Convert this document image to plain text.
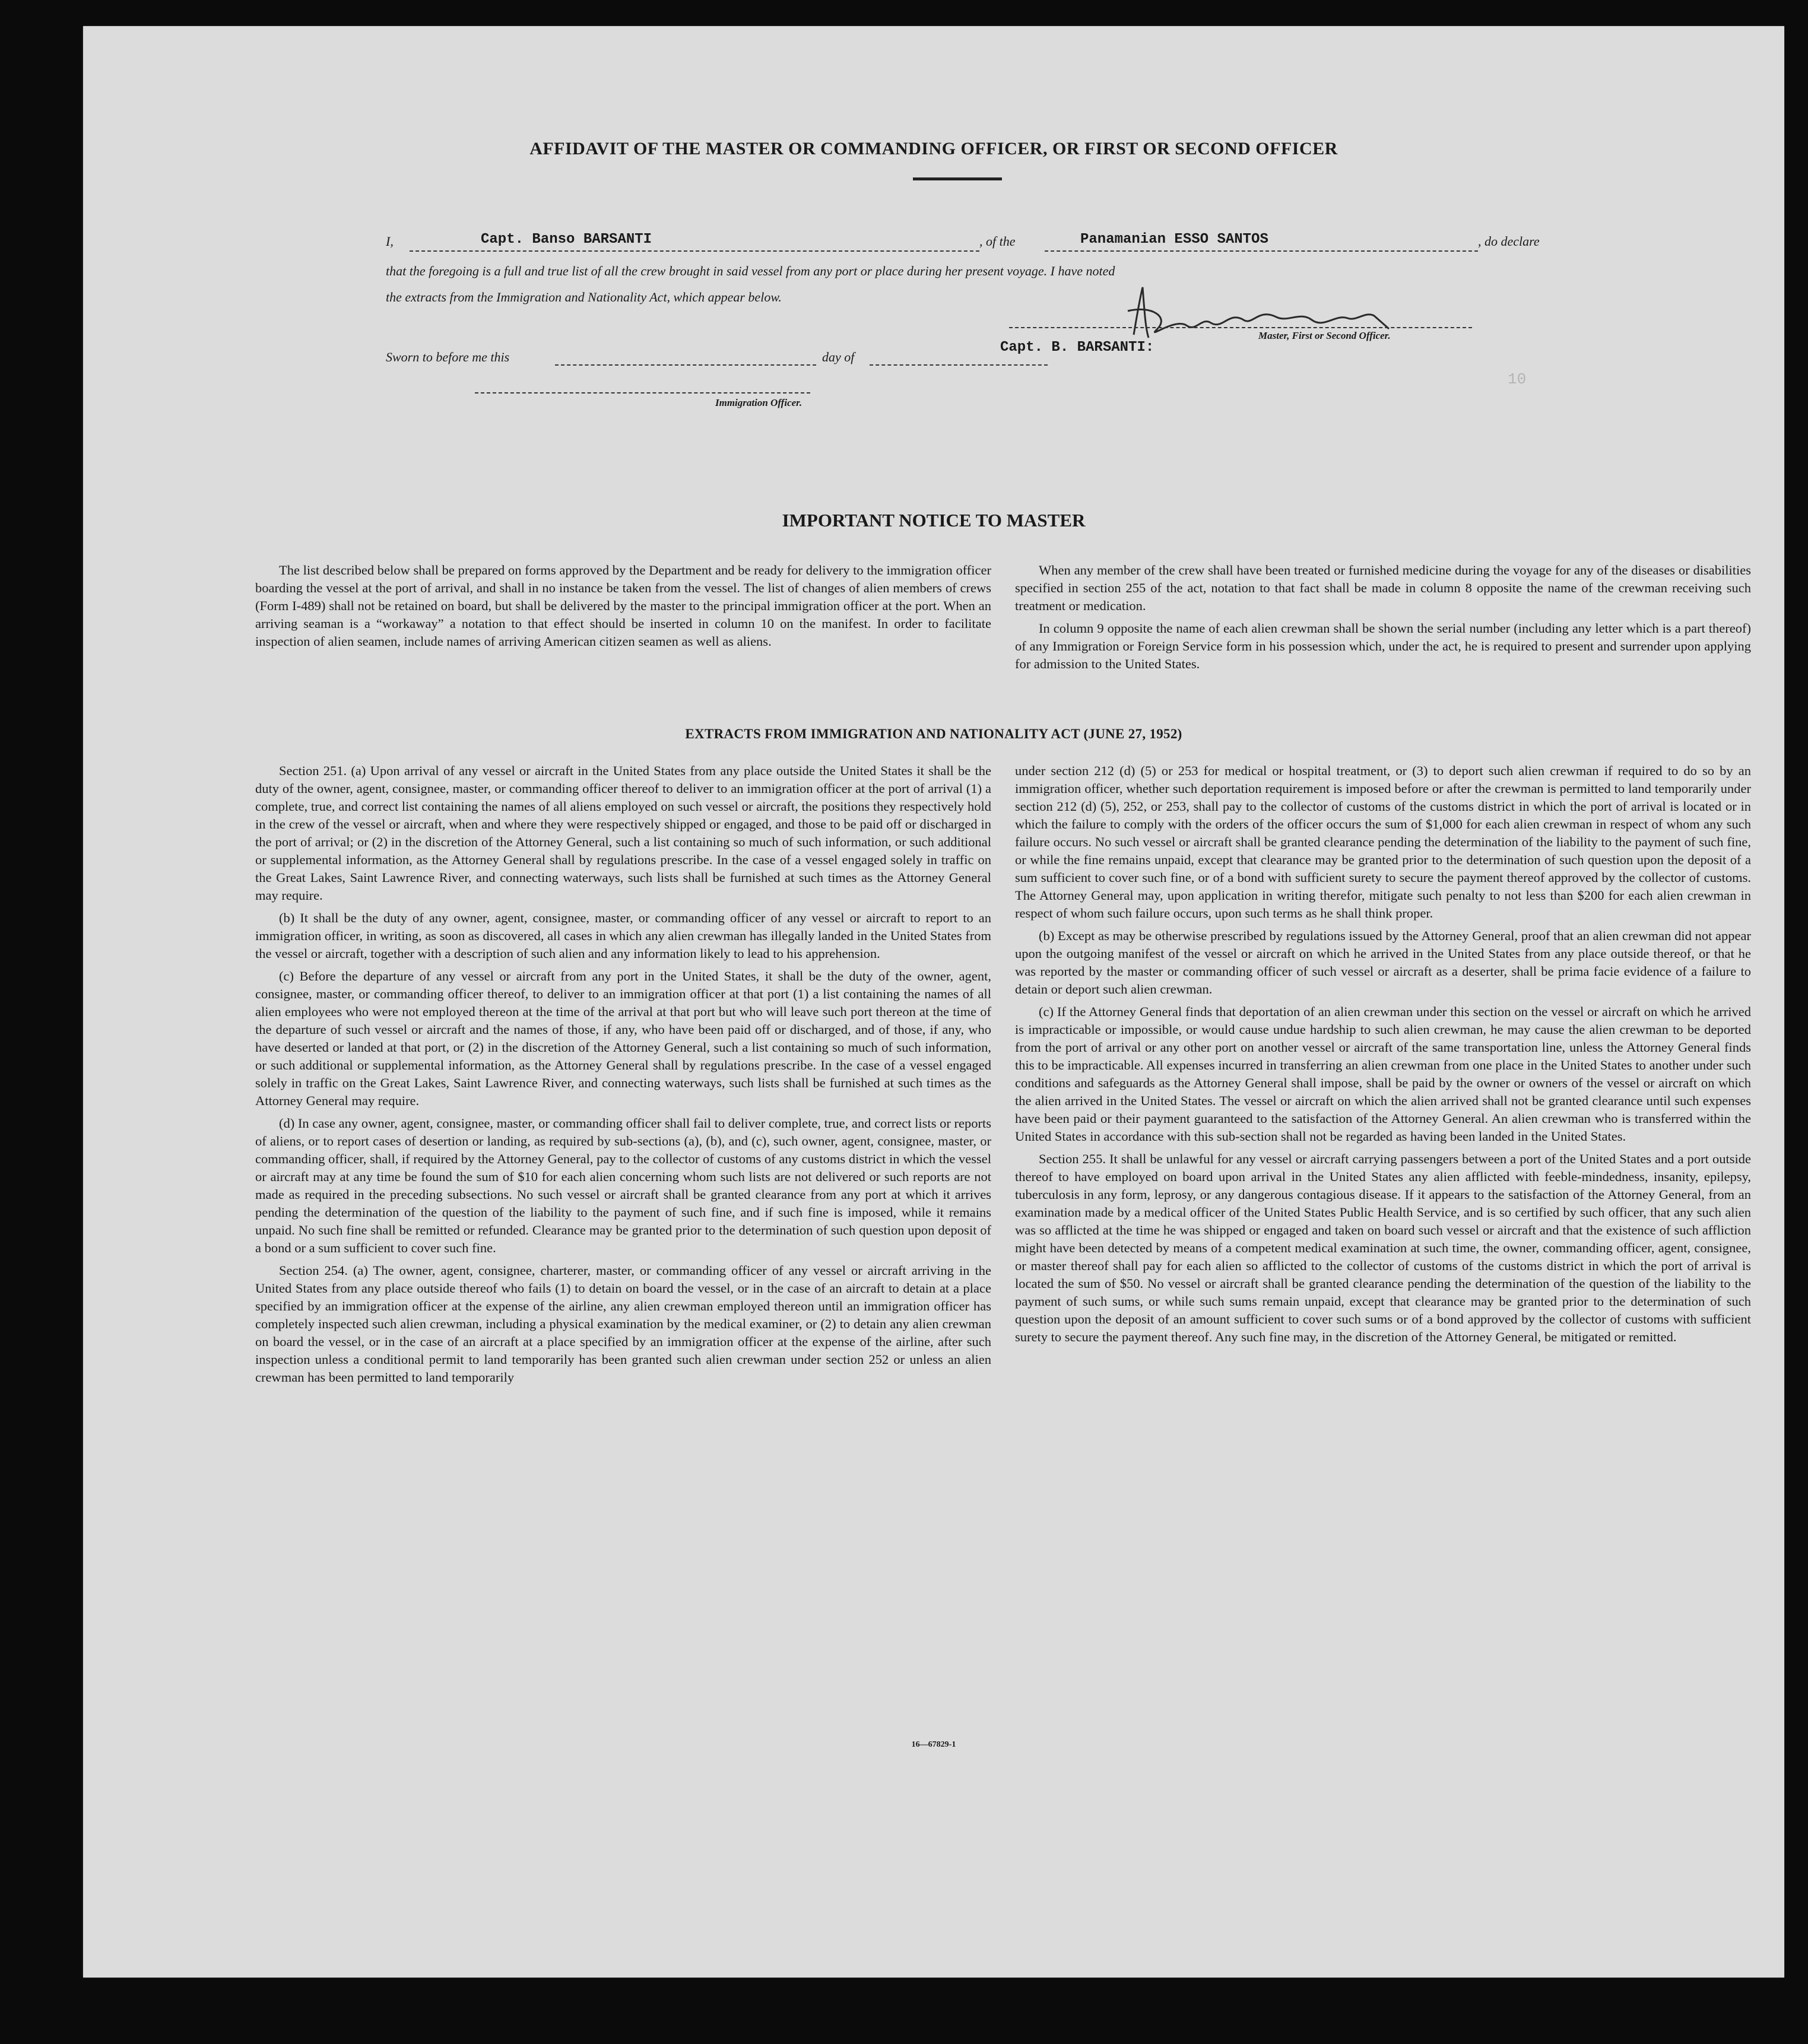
10
AFFIDAVIT OF THE MASTER OR COMMANDING OFFICER, OR FIRST OR SECOND OFFICER
I,	Capt. Banso BARSANTI	, of the	Panamanian ESSO SANTOS	, do declare
that the foregoing is a full and true list of all the crew brought in said vessel from any port or place during her present voyage. I have noted
the extracts from the Immigration and Nationality Act, which appear below.
Master, First or Second Officer.
Sworn to before me this	day of
Capt. B. BARSANTI:
Immigration Officer.
IMPORTANT NOTICE TO MASTER

The list described below shall be prepared on forms approved by the Department and be ready for delivery to the immigration officer boarding the vessel at the port of arrival, and shall in no instance be taken from the vessel. The list of changes of alien members of crews (Form I-489) shall not be retained on board, but shall be delivered by the master to the principal immigration officer at the port. When an arriving seaman is a “workaway” a notation to that effect should be inserted in column 10 on the manifest. In order to facilitate inspection of alien seamen, include names of arriving American citizen seamen as well as aliens.

When any member of the crew shall have been treated or furnished medicine during the voyage for any of the diseases or disabilities specified in section 255 of the act, notation to that fact shall be made in column 8 opposite the name of the crewman receiving such treatment or medication.

In column 9 opposite the name of each alien crewman shall be shown the serial number (including any letter which is a part thereof) of any Immigration or Foreign Service form in his possession which, under the act, he is required to present and surrender upon applying for admission to the United States.

EXTRACTS FROM IMMIGRATION AND NATIONALITY ACT (JUNE 27, 1952)

Section 251. (a) Upon arrival of any vessel or aircraft in the United States from any place outside the United States it shall be the duty of the owner, agent, consignee, master, or commanding officer thereof to deliver to an immigration officer at the port of arrival (1) a complete, true, and correct list containing the names of all aliens employed on such vessel or aircraft, the positions they respectively hold in the crew of the vessel or aircraft, when and where they were respectively shipped or engaged, and those to be paid off or discharged in the port of arrival; or (2) in the discretion of the Attorney General, such a list containing so much of such information, or such additional or supplemental information, as the Attorney General shall by regulations prescribe. In the case of a vessel engaged solely in traffic on the Great Lakes, Saint Lawrence River, and connecting waterways, such lists shall be furnished at such times as the Attorney General may require.

(b) It shall be the duty of any owner, agent, consignee, master, or commanding officer of any vessel or aircraft to report to an immigration officer, in writing, as soon as discovered, all cases in which any alien crewman has illegally landed in the United States from the vessel or aircraft, together with a description of such alien and any information likely to lead to his apprehension.

(c) Before the departure of any vessel or aircraft from any port in the United States, it shall be the duty of the owner, agent, consignee, master, or commanding officer thereof, to deliver to an immigration officer at that port (1) a list containing the names of all alien employees who were not employed thereon at the time of the arrival at that port but who will leave such port thereon at the time of the departure of such vessel or aircraft and the names of those, if any, who have been paid off or discharged, and of those, if any, who have deserted or landed at that port, or (2) in the discretion of the Attorney General, such a list containing so much of such information, or such additional or supplemental information, as the Attorney General shall by regulations prescribe. In the case of a vessel engaged solely in traffic on the Great Lakes, Saint Lawrence River, and connecting waterways, such lists shall be furnished at such times as the Attorney General may require.

(d) In case any owner, agent, consignee, master, or commanding officer shall fail to deliver complete, true, and correct lists or reports of aliens, or to report cases of desertion or landing, as required by sub-sections (a), (b), and (c), such owner, agent, consignee, master, or commanding officer, shall, if required by the Attorney General, pay to the collector of customs of any customs district in which the vessel or aircraft may at any time be found the sum of $10 for each alien concerning whom such lists are not delivered or such reports are not made as required in the preceding subsections. No such vessel or aircraft shall be granted clearance from any port at which it arrives pending the determination of the question of the liability to the payment of such fine, and if such fine is imposed, while it remains unpaid. No such fine shall be remitted or refunded. Clearance may be granted prior to the determination of such question upon deposit of a bond or a sum sufficient to cover such fine.

Section 254. (a) The owner, agent, consignee, charterer, master, or commanding officer of any vessel or aircraft arriving in the United States from any place outside thereof who fails (1) to detain on board the vessel, or in the case of an aircraft to detain at a place specified by an immigration officer at the expense of the airline, any alien crewman employed thereon until an immigration officer has completely inspected such alien crewman, including a physical examination by the medical examiner, or (2) to detain any alien crewman on board the vessel, or in the case of an aircraft at a place specified by an immigration officer at the expense of the airline, after such inspection unless a conditional permit to land temporarily has been granted such alien crewman under section 252 or unless an alien crewman has been permitted to land temporarily

under section 212 (d) (5) or 253 for medical or hospital treatment, or (3) to deport such alien crewman if required to do so by an immigration officer, whether such deportation requirement is imposed before or after the crewman is permitted to land temporarily under section 212 (d) (5), 252, or 253, shall pay to the collector of customs of the customs district in which the port of arrival is located or in which the failure to comply with the orders of the officer occurs the sum of $1,000 for each alien crewman in respect of whom any such failure occurs. No such vessel or aircraft shall be granted clearance pending the determination of the liability to the payment of such fine, or while the fine remains unpaid, except that clearance may be granted prior to the determination of such question upon the deposit of a sum sufficient to cover such fine, or of a bond with sufficient surety to secure the payment thereof approved by the collector of customs. The Attorney General may, upon application in writing therefor, mitigate such penalty to not less than $200 for each alien crewman in respect of whom such failure occurs, upon such terms as he shall think proper.

(b) Except as may be otherwise prescribed by regulations issued by the Attorney General, proof that an alien crewman did not appear upon the outgoing manifest of the vessel or aircraft on which he arrived in the United States from any place outside thereof, or that he was reported by the master or commanding officer of such vessel or aircraft as a deserter, shall be prima facie evidence of a failure to detain or deport such alien crewman.

(c) If the Attorney General finds that deportation of an alien crewman under this section on the vessel or aircraft on which he arrived is impracticable or impossible, or would cause undue hardship to such alien crewman, he may cause the alien crewman to be deported from the port of arrival or any other port on another vessel or aircraft of the same transportation line, unless the Attorney General finds this to be impracticable. All expenses incurred in transferring an alien crewman from one place in the United States to another under such conditions and safeguards as the Attorney General shall impose, shall be paid by the owner or owners of the vessel or aircraft on which the alien arrived in the United States. The vessel or aircraft on which the alien arrived shall not be granted clearance until such expenses have been paid or their payment guaranteed to the satisfaction of the Attorney General. An alien crewman who is transferred within the United States in accordance with this sub-section shall not be regarded as having been landed in the United States.

Section 255. It shall be unlawful for any vessel or aircraft carrying passengers between a port of the United States and a port outside thereof to have employed on board upon arrival in the United States any alien afflicted with feeble-mindedness, insanity, epilepsy, tuberculosis in any form, leprosy, or any dangerous contagious disease. If it appears to the satisfaction of the Attorney General, from an examination made by a medical officer of the United States Public Health Service, and is so certified by such officer, that any such alien was so afflicted at the time he was shipped or engaged and taken on board such vessel or aircraft and that the existence of such affliction might have been detected by means of a competent medical examination at such time, the owner, commanding officer, agent, consignee, or master thereof shall pay for each alien so afflicted to the collector of customs of the customs district in which the port of arrival is located the sum of $50. No vessel or aircraft shall be granted clearance pending the determination of the question of the liability to the payment of such sums, or while such sums remain unpaid, except that clearance may be granted prior to the determination of such question upon the deposit of an amount sufficient to cover such sums or of a bond approved by the collector of customs with sufficient surety to secure the payment thereof. Any such fine may, in the discretion of the Attorney General, be mitigated or remitted.

16—67829-1
